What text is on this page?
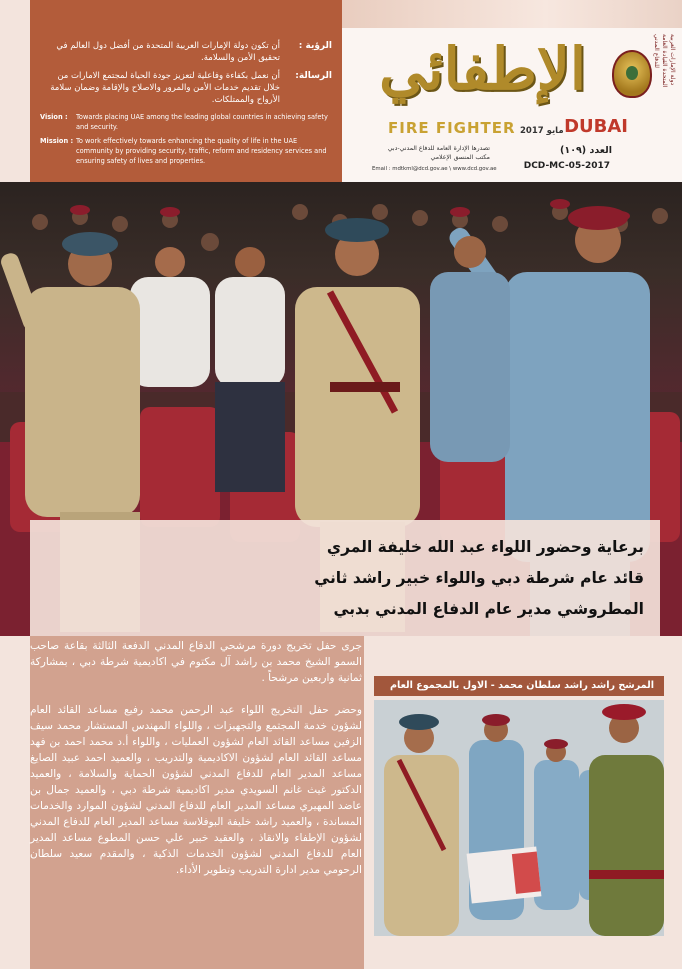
الرؤية :
أن تكون دولة الإمارات العربية المتحدة من أفضل دول العالم في تحقيق الأمن والسلامة.
الرسالة:
أن نعمل بكفاءة وفاعلية لتعزيز جودة الحياة لمجتمع الامارات من خلال تقديم خدمات الأمن والمرور والاصلاح والإقامة وضمان سلامة الأرواح والممتلكات.
Vision : Towards placing UAE among the leading global countries in achieving safety and security.
Mission : To work effectively towards enhancing the quality of life in the UAE community by providing security, traffic, reform and residency services and ensuring safety of lives and properties.
الإطفائي
FIRE FIGHTER
دولة الإمارات العربية المتحدة القيادة العامة للدفاع المدني
DUBAI
مايو 2017
العدد (١٠٩)
DCD-MC-05-2017
تصدرها الإدارة العامة للدفاع المدني-دبي
مكتب المنسق الإعلامي
Email : mdtkml@dcd.gov.ae \ www.dcd.gov.ae
برعاية وحضور اللواء عبد الله خليفة المري
قائد عام شرطة دبي واللواء خبير راشد ثاني
المطروشي مدير عام الدفاع المدني بدبي

جرى حفل تخريج دورة مرشحي الدفاع المدني الدفعة الثالثة بقاعة صاحب السمو الشيخ محمد بن راشد آل مكتوم في اكاديمية شرطة دبي ، بمشاركة ثمانية واربعين مرشحاً .

وحضر حفل التخريج اللواء عبد الرحمن محمد رفيع مساعد القائد العام لشؤون خدمة المجتمع والتجهيزات ، واللواء المهندس المستشار محمد سيف الزفين مساعد القائد العام لشؤون العمليات ، واللواء أ.د محمد احمد بن فهد مساعد القائد العام لشؤون الاكاديمية والتدريب ، والعميد احمد عبيد الصايغ مساعد المدير العام للدفاع المدني لشؤون الحماية والسلامة ، والعميد الدكتور غيث غانم السويدي مدير اكاديمية شرطة دبي ، والعميد جمال بن عاضد المهيري مساعد المدير العام للدفاع المدني لشؤون الموارد والخدمات المساندة ، والعميد راشد خليفة البوفلاسة مساعد المدير العام للدفاع المدني لشؤون الإطفاء والانقاذ ، والعقيد خبير علي حسن المطوع مساعد المدير العام للدفاع المدني لشؤون الخدمات الذكية ، والمقدم سعيد سلطان الرحومي مدير ادارة التدريب وتطوير الأداء.

المرشح راشد راشد سلطان محمد - الاول بالمجموع العام
